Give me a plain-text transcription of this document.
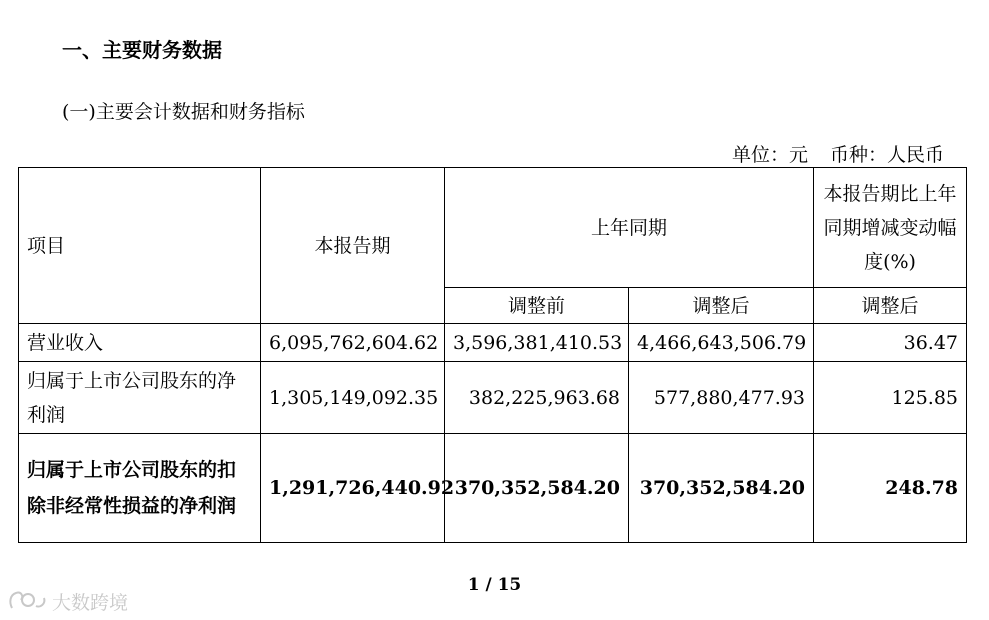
一、主要财务数据
(一)主要会计数据和财务指标
单位：元 币种：人民币
项目	本报告期	上年同期		本报告期比上年同期增减变动幅度(%)
		调整前	调整后	调整后
营业收入	6,095,762,604.62	3,596,381,410.53	4,466,643,506.79	36.47
归属于上市公司股东的净利润	1,305,149,092.35	382,225,963.68	577,880,477.93	125.85
归属于上市公司股东的扣除非经常性损益的净利润	1,291,726,440.92	370,352,584.20	370,352,584.20	248.78
1 / 15
大数跨境
